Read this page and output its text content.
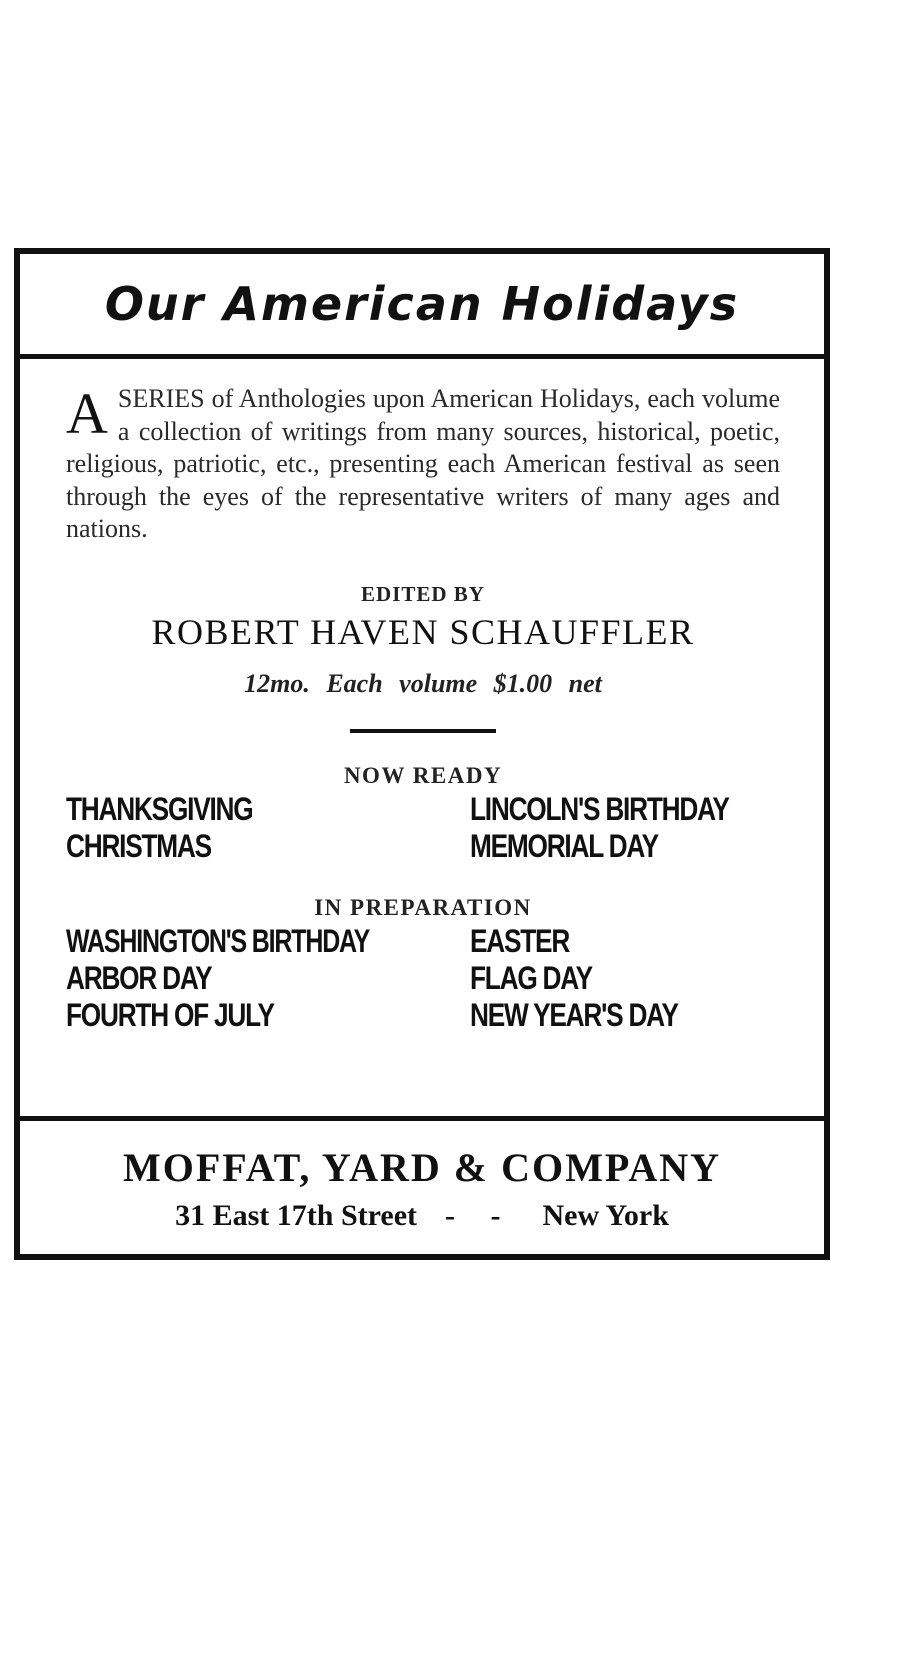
Our American Holidays

ASERIES of Anthologies upon American Holidays, each volume a collection of writings from many sources, historical, poetic, religious, patriotic, etc., presenting each American festival as seen through the eyes of the representative writers of many ages and nations.

EDITED BY
ROBERT HAVEN SCHAUFFLER
12mo. Each volume $1.00 net
NOW READY
THANKSGIVING	LINCOLN'S BIRTHDAY
CHRISTMAS	MEMORIAL DAY
IN PREPARATION
WASHINGTON'S BIRTHDAY	EASTER
ARBOR DAY	FLAG DAY
FOURTH OF JULY	NEW YEAR'S DAY
MOFFAT, YARD & COMPANY
31 East 17th Street - - New York
